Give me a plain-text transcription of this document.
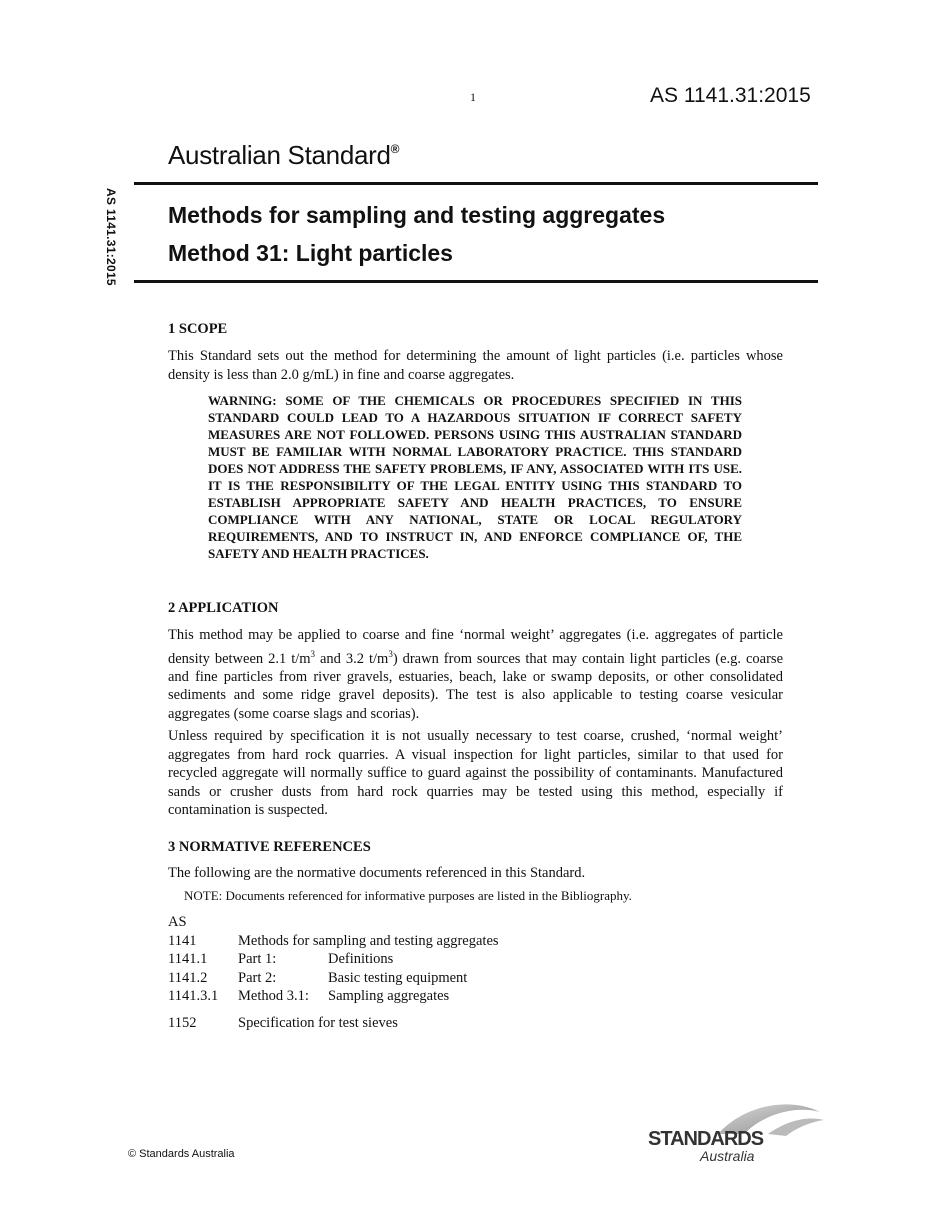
1	AS 1141.31:2015
Australian Standard®
AS 1141.31:2015 Methods for sampling and testing aggregates
Method 31: Light particles
1 SCOPE
This Standard sets out the method for determining the amount of light particles (i.e. particles whose density is less than 2.0 g/mL) in fine and coarse aggregates.
WARNING: SOME OF THE CHEMICALS OR PROCEDURES SPECIFIED IN THIS STANDARD COULD LEAD TO A HAZARDOUS SITUATION IF CORRECT SAFETY MEASURES ARE NOT FOLLOWED. PERSONS USING THIS AUSTRALIAN STANDARD MUST BE FAMILIAR WITH NORMAL LABORATORY PRACTICE. THIS STANDARD DOES NOT ADDRESS THE SAFETY PROBLEMS, IF ANY, ASSOCIATED WITH ITS USE. IT IS THE RESPONSIBILITY OF THE LEGAL ENTITY USING THIS STANDARD TO ESTABLISH APPROPRIATE SAFETY AND HEALTH PRACTICES, TO ENSURE COMPLIANCE WITH ANY NATIONAL, STATE OR LOCAL REGULATORY REQUIREMENTS, AND TO INSTRUCT IN, AND ENFORCE COMPLIANCE OF, THE SAFETY AND HEALTH PRACTICES.
2 APPLICATION
This method may be applied to coarse and fine ‘normal weight’ aggregates (i.e. aggregates of particle density between 2.1 $t/m^3$ and 3.2 $t/m^3$) drawn from sources that may contain light particles (e.g. coarse and fine particles from river gravels, estuaries, beach, lake or swamp deposits, or other consolidated sediments and some ridge gravel deposits). The test is also applicable to testing coarse vesicular aggregates (some coarse slags and scorias).
Unless required by specification it is not usually necessary to test coarse, crushed, ‘normal weight’ aggregates from hard rock quarries. A visual inspection for light particles, similar to that used for recycled aggregate will normally suffice to guard against the possibility of contaminants. Manufactured sands or crusher dusts from hard rock quarries may be tested using this method, especially if contamination is suspected.
3 NORMATIVE REFERENCES
The following are the normative documents referenced in this Standard.
NOTE: Documents referenced for informative purposes are listed in the Bibliography.
AS
1141	Methods for sampling and testing aggregates
1141.1 Part 1:	Definitions
1141.2 Part 2:	Basic testing equipment
1141.3.1 Method 3.1: Sampling aggregates
1152	Specification for test sieves
© Standards Australia
STANDARDS
Australia
